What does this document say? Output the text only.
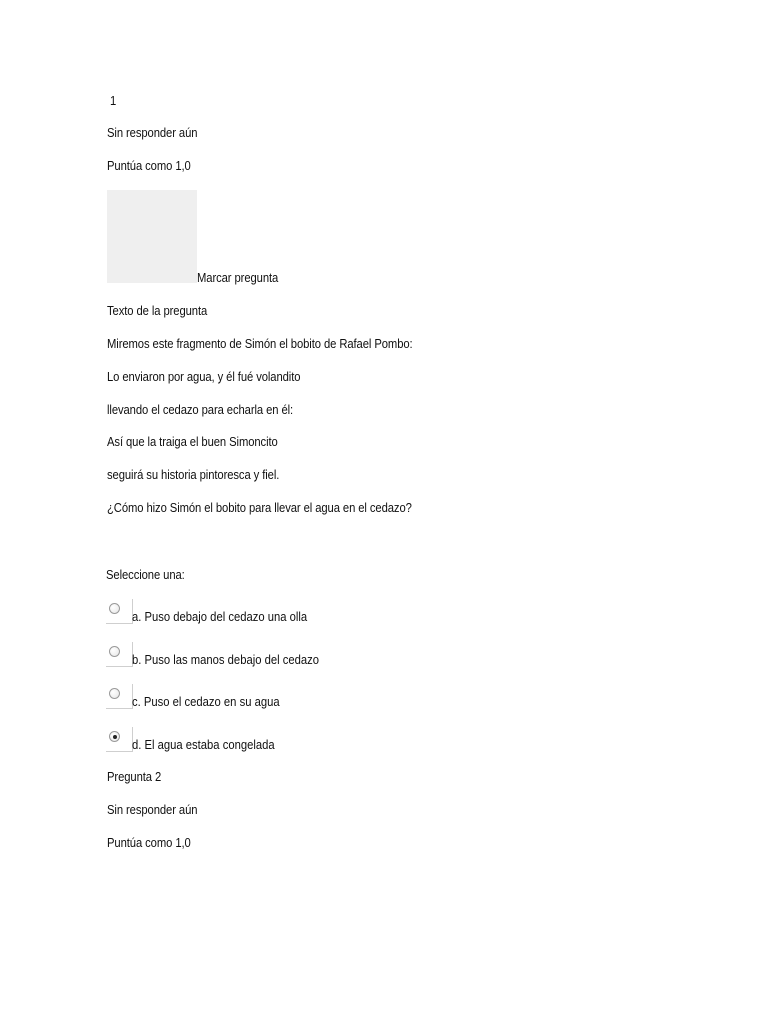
1
Sin responder aún
Puntúa como 1,0
Marcar pregunta
Texto de la pregunta
Miremos este fragmento de Simón el bobito de Rafael Pombo:
Lo enviaron por agua, y él fué volandito
llevando el cedazo para echarla en él:
Así que la traiga el buen Simoncito
seguirá su historia pintoresca y fiel.
¿Cómo hizo Simón el bobito para llevar el agua en el cedazo?
Seleccione una:
a. Puso debajo del cedazo una olla
b. Puso las manos debajo del cedazo
c. Puso el cedazo en su agua
d. El agua estaba congelada
Pregunta 2
Sin responder aún
Puntúa como 1,0
